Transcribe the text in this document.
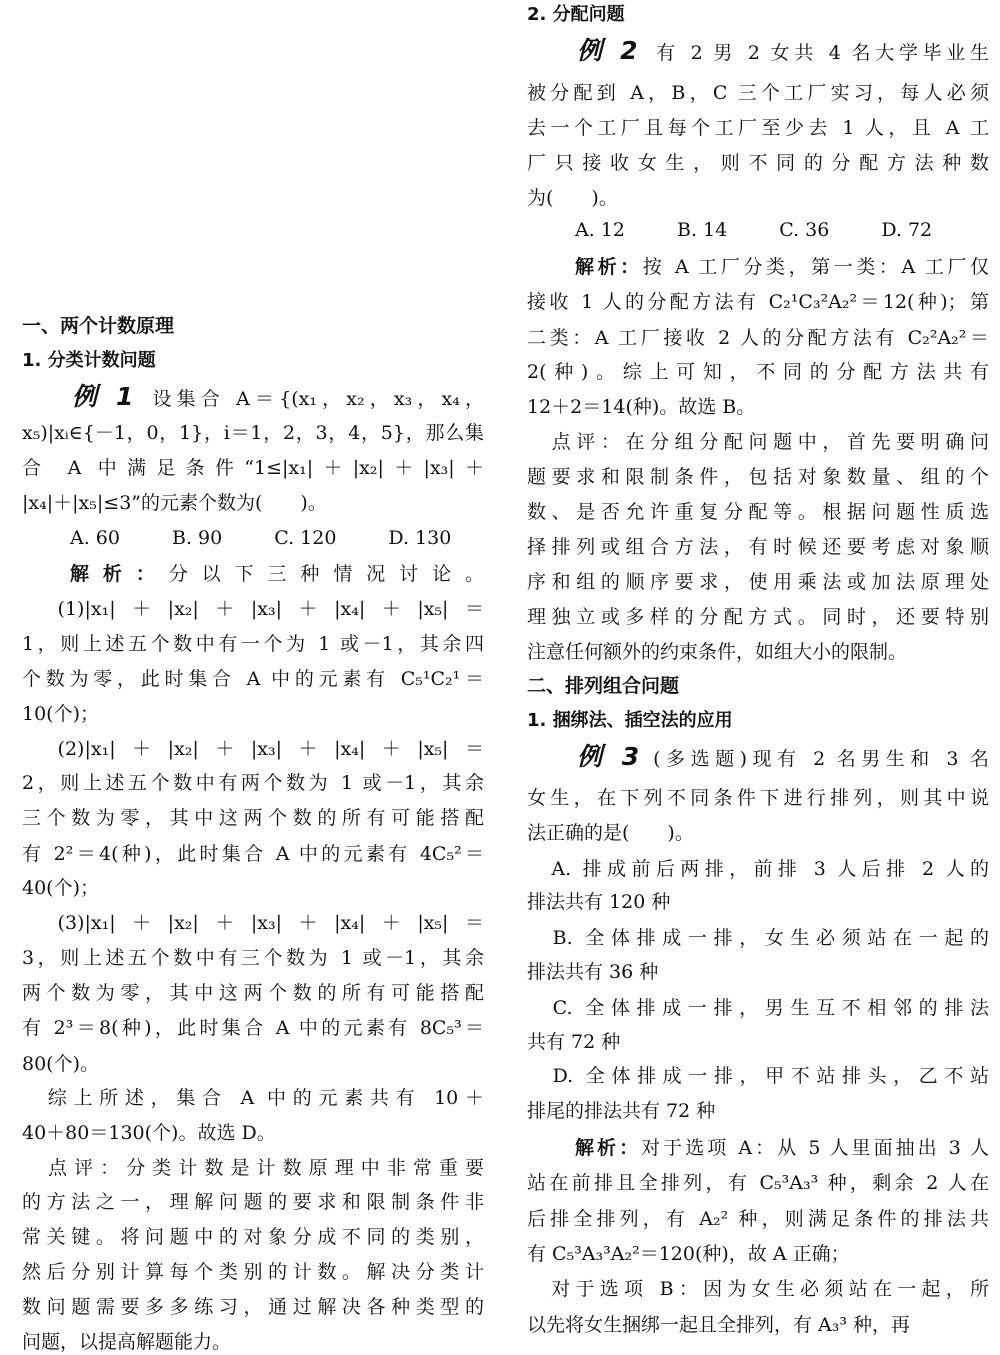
一、两个计数原理
1. 分类计数问题
例 1 设集合 A＝{(x₁，x₂，x₃，x₄，
x₅)|xᵢ∈{－1，0，1}，i＝1，2，3，4，5}，那么集
合 A 中满足条件“1≤|x₁|＋|x₂|＋|x₃|＋
|x₄|＋|x₅|≤3”的元素个数为(　　)。
A. 60	B. 90	C. 120	D. 130
解析：分以下三种情况讨论。
　(1)|x₁|＋|x₂|＋|x₃|＋|x₄|＋|x₅|＝
1，则上述五个数中有一个为 1 或－1，其余四
个数为零，此时集合 A 中的元素有 C₅¹C₂¹＝
10(个)；
　(2)|x₁|＋|x₂|＋|x₃|＋|x₄|＋|x₅|＝
2，则上述五个数中有两个数为 1 或－1，其余
三个数为零，其中这两个数的所有可能搭配
有 2²＝4(种)，此时集合 A 中的元素有 4C₅²＝
40(个)；
　(3)|x₁|＋|x₂|＋|x₃|＋|x₄|＋|x₅|＝
3，则上述五个数中有三个数为 1 或－1，其余
两个数为零，其中这两个数的所有可能搭配
有 2³＝8(种)，此时集合 A 中的元素有 8C₅³＝
80(个)。
　综上所述，集合 A 中的元素共有 10＋
40＋80＝130(个)。故选 D。
　点评：分类计数是计数原理中非常重要
的方法之一，理解问题的要求和限制条件非
常关键。将问题中的对象分成不同的类别，
然后分别计算每个类别的计数。解决分类计
数问题需要多多练习，通过解决各种类型的
问题，以提高解题能力。
2. 分配问题
例 2 有 2 男 2 女共 4 名大学毕业生
被分配到 A，B，C 三个工厂实习，每人必须
去一个工厂且每个工厂至少去 1 人，且 A 工
厂只接收女生，则不同的分配方法种数
为(　　)。
A. 12	B. 14	C. 36	D. 72
解析：按 A 工厂分类，第一类：A 工厂仅
接收 1 人的分配方法有 C₂¹C₃²A₂²＝12(种)；第
二类：A 工厂接收 2 人的分配方法有 C₂²A₂²＝
2(种)。综上可知，不同的分配方法共有
12＋2＝14(种)。故选 B。
　点评：在分组分配问题中，首先要明确问
题要求和限制条件，包括对象数量、组的个
数、是否允许重复分配等。根据问题性质选
择排列或组合方法，有时候还要考虑对象顺
序和组的顺序要求，使用乘法或加法原理处
理独立或多样的分配方式。同时，还要特别
注意任何额外的约束条件，如组大小的限制。
二、排列组合问题
1. 捆绑法、插空法的应用
例 3 (多选题)现有 2 名男生和 3 名
女生，在下列不同条件下进行排列，则其中说
法正确的是(　　)。
　A. 排成前后两排，前排 3 人后排 2 人的
排法共有 120 种
　B. 全体排成一排，女生必须站在一起的
排法共有 36 种
　C. 全体排成一排，男生互不相邻的排法
共有 72 种
　D. 全体排成一排，甲不站排头，乙不站
排尾的排法共有 72 种
解析：对于选项 A：从 5 人里面抽出 3 人
站在前排且全排列，有 C₅³A₃³ 种，剩余 2 人在
后排全排列，有 A₂² 种，则满足条件的排法共
有 C₅³A₃³A₂²＝120(种)，故 A 正确；
　对于选项 B：因为女生必须站在一起，所
以先将女生捆绑一起且全排列，有 A₃³ 种，再
